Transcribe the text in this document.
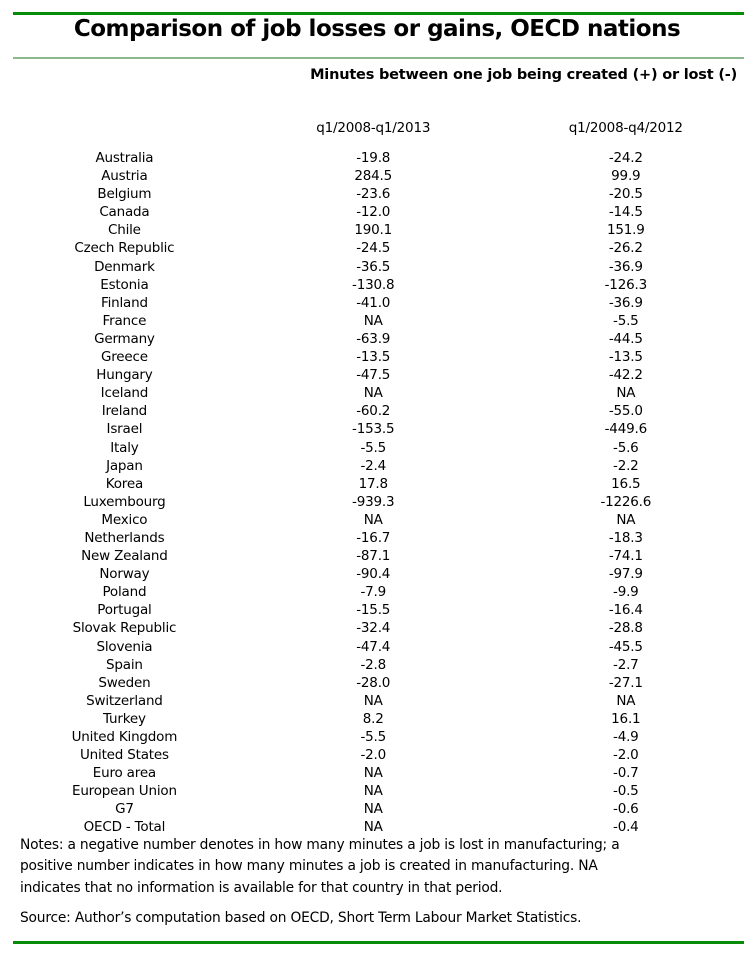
Comparison of job losses or gains, OECD nations
Minutes between one job being created (+) or lost (-)
q1/2008-q1/2013	q1/2008-q4/2012
Australia	-19.8	-24.2
Austria	284.5	99.9
Belgium	-23.6	-20.5
Canada	-12.0	-14.5
Chile	190.1	151.9
Czech Republic	-24.5	-26.2
Denmark	-36.5	-36.9
Estonia	-130.8	-126.3
Finland	-41.0	-36.9
France	NA	-5.5
Germany	-63.9	-44.5
Greece	-13.5	-13.5
Hungary	-47.5	-42.2
Iceland	NA	NA
Ireland	-60.2	-55.0
Israel	-153.5	-449.6
Italy	-5.5	-5.6
Japan	-2.4	-2.2
Korea	17.8	16.5
Luxembourg	-939.3	-1226.6
Mexico	NA	NA
Netherlands	-16.7	-18.3
New Zealand	-87.1	-74.1
Norway	-90.4	-97.9
Poland	-7.9	-9.9
Portugal	-15.5	-16.4
Slovak Republic	-32.4	-28.8
Slovenia	-47.4	-45.5
Spain	-2.8	-2.7
Sweden	-28.0	-27.1
Switzerland	NA	NA
Turkey	8.2	16.1
United Kingdom	-5.5	-4.9
United States	-2.0	-2.0
Euro area	NA	-0.7
European Union	NA	-0.5
G7	NA	-0.6
OECD - Total	NA	-0.4
Notes: a negative number denotes in how many minutes a job is lost in manufacturing; a
positive number indicates in how many minutes a job is created in manufacturing. NA
indicates that no information is available for that country in that period.
Source: Author’s computation based on OECD, Short Term Labour Market Statistics.
